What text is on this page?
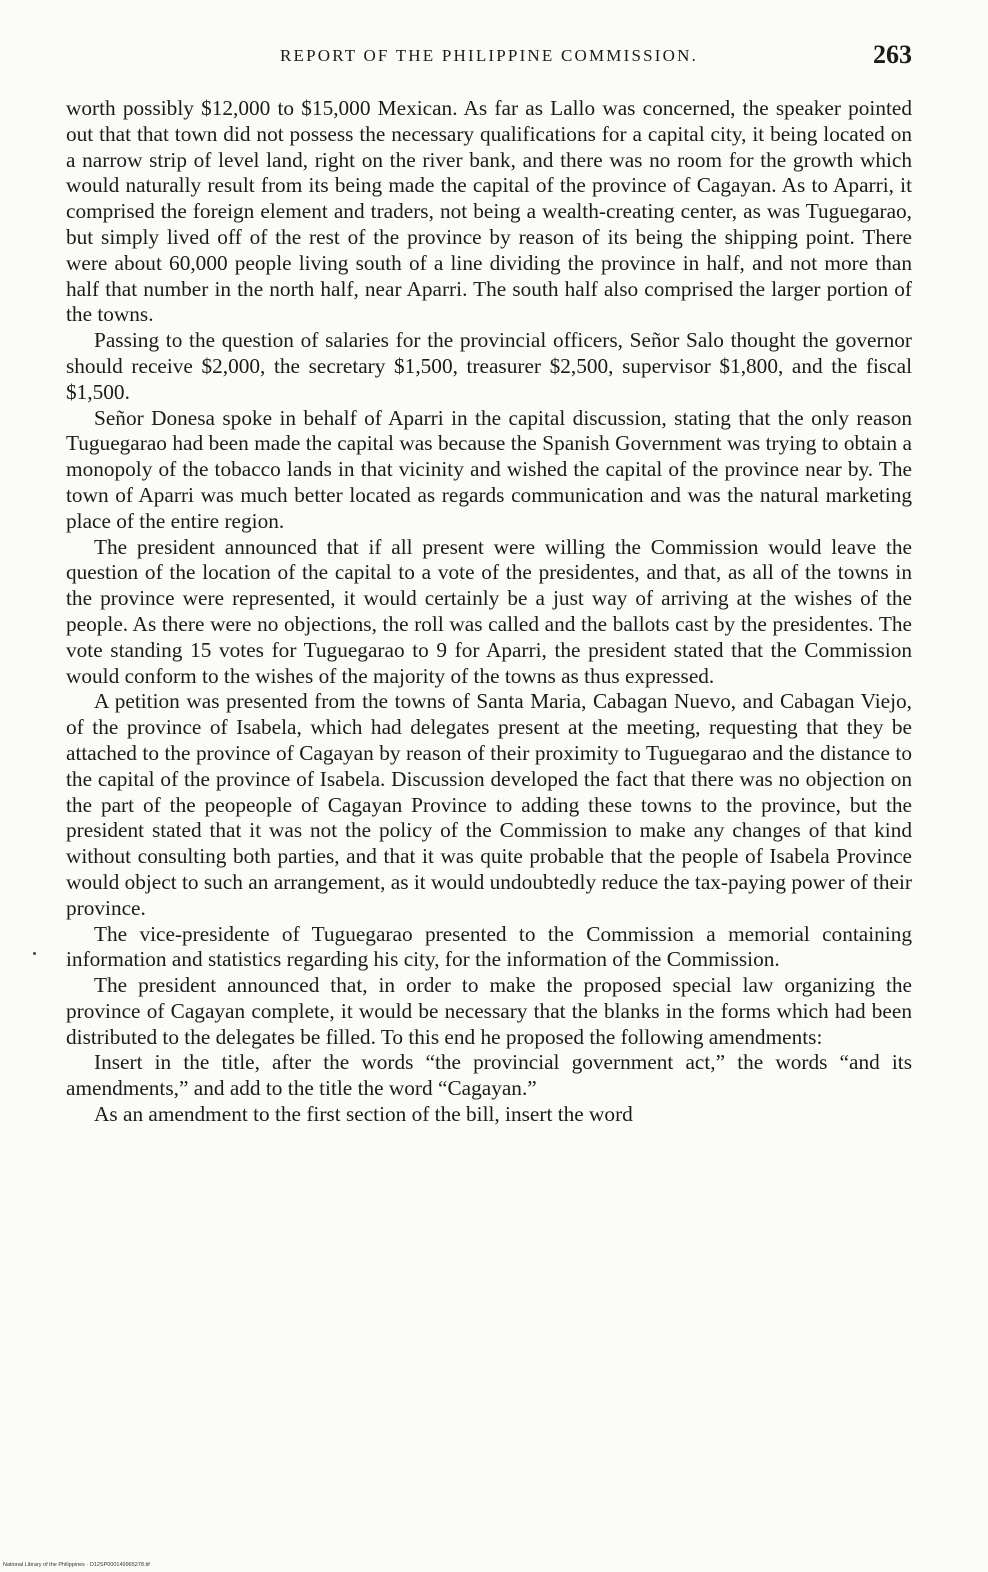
REPORT OF THE PHILIPPINE COMMISSION.	263

worth possibly $12,000 to $15,000 Mexican. As far as Lallo was concerned, the speaker pointed out that that town did not possess the necessary qualifications for a capital city, it being located on a narrow strip of level land, right on the river bank, and there was no room for the growth which would naturally result from its being made the capital of the province of Cagayan. As to Aparri, it comprised the foreign element and traders, not being a wealth-creating center, as was Tuguegarao, but simply lived off of the rest of the province by reason of its being the shipping point. There were about 60,000 people living south of a line dividing the province in half, and not more than half that number in the north half, near Aparri. The south half also comprised the larger portion of the towns.

Passing to the question of salaries for the provincial officers, Señor Salo thought the governor should receive $2,000, the secretary $1,500, treasurer $2,500, supervisor $1,800, and the fiscal $1,500.

Señor Donesa spoke in behalf of Aparri in the capital discussion, stating that the only reason Tuguegarao had been made the capital was because the Spanish Government was trying to obtain a monopoly of the tobacco lands in that vicinity and wished the capital of the province near by. The town of Aparri was much better located as regards communication and was the natural marketing place of the entire region.

The president announced that if all present were willing the Commission would leave the question of the location of the capital to a vote of the presidentes, and that, as all of the towns in the province were represented, it would certainly be a just way of arriving at the wishes of the people. As there were no objections, the roll was called and the ballots cast by the presidentes. The vote standing 15 votes for Tuguegarao to 9 for Aparri, the president stated that the Commission would conform to the wishes of the majority of the towns as thus expressed.

A petition was presented from the towns of Santa Maria, Cabagan Nuevo, and Cabagan Viejo, of the province of Isabela, which had delegates present at the meeting, requesting that they be attached to the province of Cagayan by reason of their proximity to Tuguegarao and the distance to the capital of the province of Isabela. Discussion developed the fact that there was no objection on the part of the peopeople of Cagayan Province to adding these towns to the province, but the president stated that it was not the policy of the Commission to make any changes of that kind without consulting both parties, and that it was quite probable that the people of Isabela Province would object to such an arrangement, as it would undoubtedly reduce the tax-paying power of their province.

The vice-presidente of Tuguegarao presented to the Commission a memorial containing information and statistics regarding his city, for the information of the Commission.

The president announced that, in order to make the proposed special law organizing the province of Cagayan complete, it would be necessary that the blanks in the forms which had been distributed to the delegates be filled. To this end he proposed the following amendments:

Insert in the title, after the words “the provincial government act,” the words “and its amendments,” and add to the title the word “Cagayan.”

As an amendment to the first section of the bill, insert the word

National Library of the Philippines · D12SP000149965278.tif
